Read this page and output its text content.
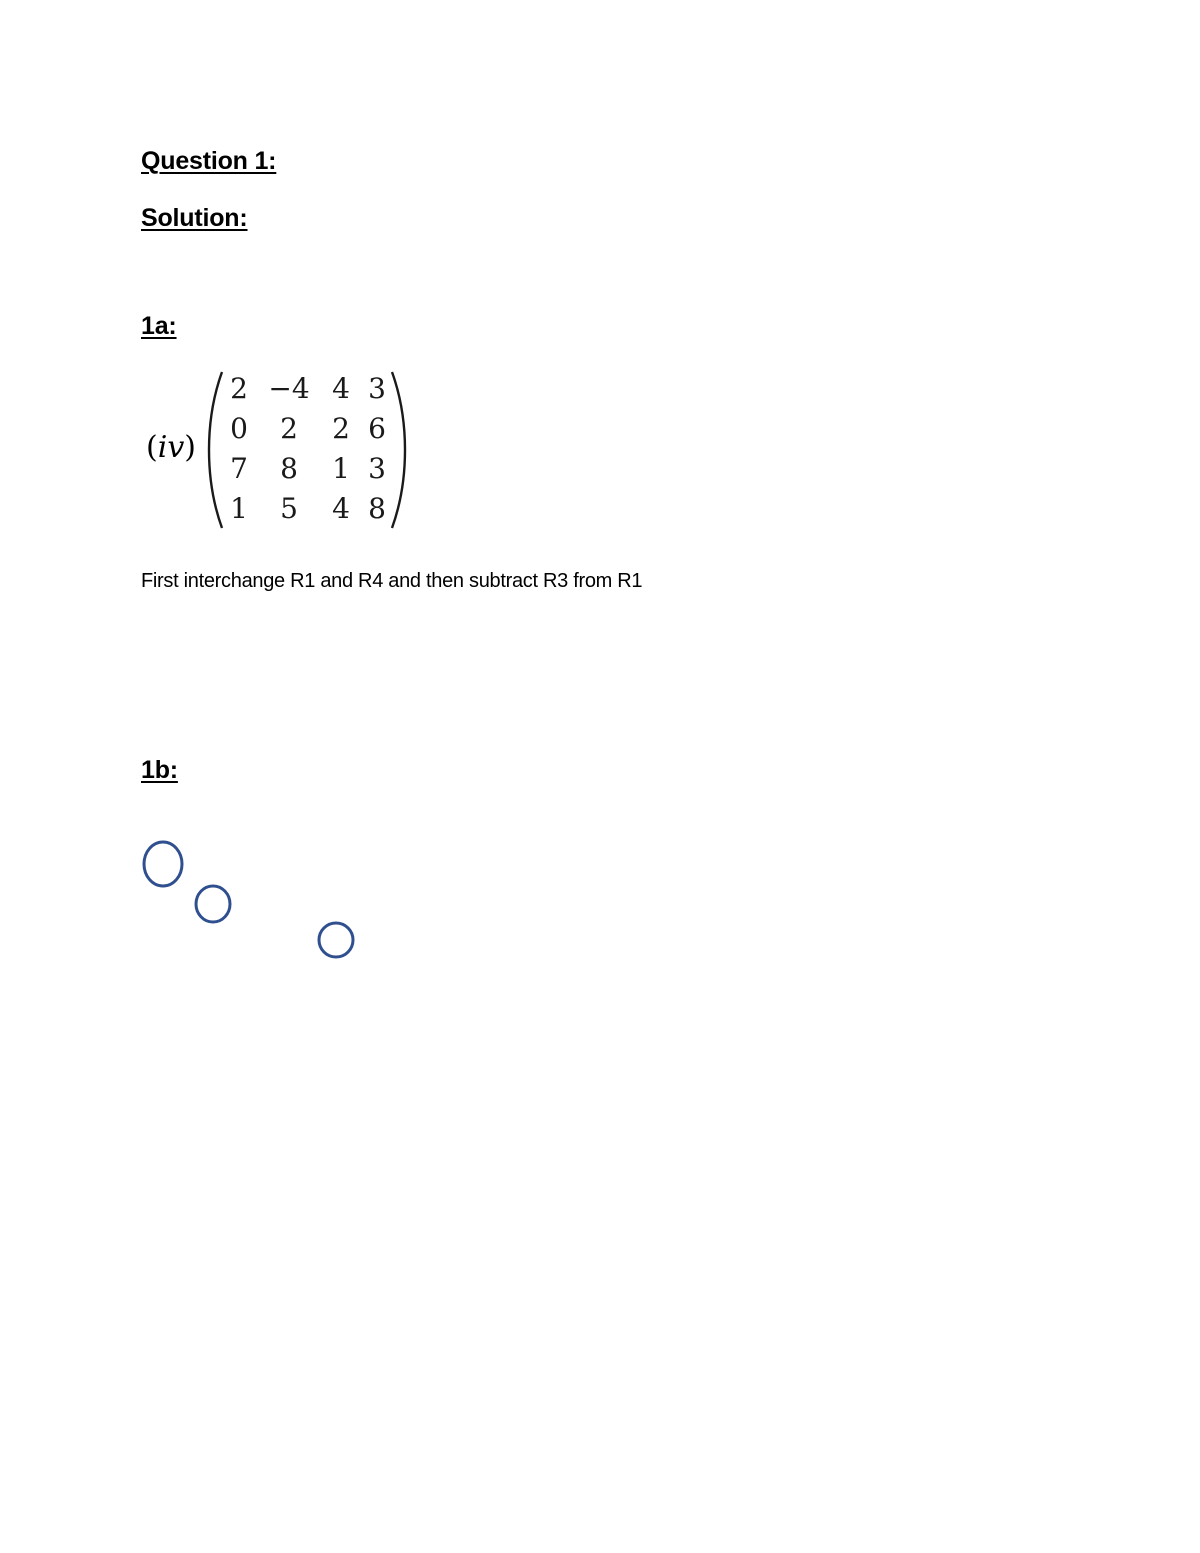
Question 1:
Solution:
1a:
(iv)
2 −4 4 3
0	2	2 6
7	8	1 3
1	5	4 8

First interchange R1 and R4 and then subtract R3 from R1

1b:
